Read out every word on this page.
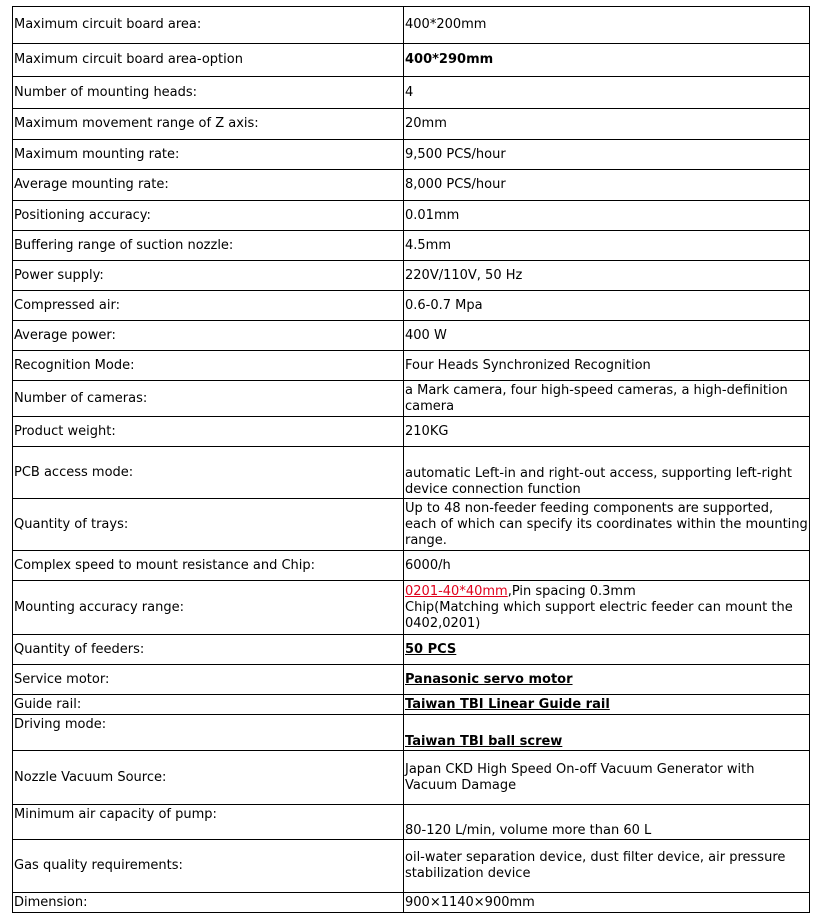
Maximum circuit board area:	400*200mm
Maximum circuit board area-option	400*290mm
Number of mounting heads:	4
Maximum movement range of Z axis:	20mm
Maximum mounting rate:	9,500 PCS/hour
Average mounting rate:	8,000 PCS/hour
Positioning accuracy:	0.01mm
Buffering range of suction nozzle:	4.5mm
Power supply:	220V/110V, 50 Hz
Compressed air:	0.6-0.7 Mpa
Average power:	400 W
Recognition Mode:	Four Heads Synchronized Recognition
Number of cameras:	a Mark camera, four high-speed cameras, a high-definition camera
Product weight:	210KG
PCB access mode:	automatic Left-in and right-out access, supporting left-right device connection function
Quantity of trays:	Up to 48 non-feeder feeding components are supported, each of which can specify its coordinates within the mounting range.
Complex speed to mount resistance and Chip:	6000/h
Mounting accuracy range:	0201-40*40mm,Pin spacing 0.3mm
Chip(Matching which support electric feeder can mount the 0402,0201)
Quantity of feeders:	50 PCS
Service motor:	Panasonic servo motor
Guide rail:	Taiwan TBI Linear Guide rail
Driving mode:	Taiwan TBI ball screw
Nozzle Vacuum Source:	Japan CKD High Speed On-off Vacuum Generator with Vacuum Damage
Minimum air capacity of pump:	80-120 L/min, volume more than 60 L
Gas quality requirements:	oil-water separation device, dust filter device, air pressure stabilization device
Dimension:	900×1140×900mm
